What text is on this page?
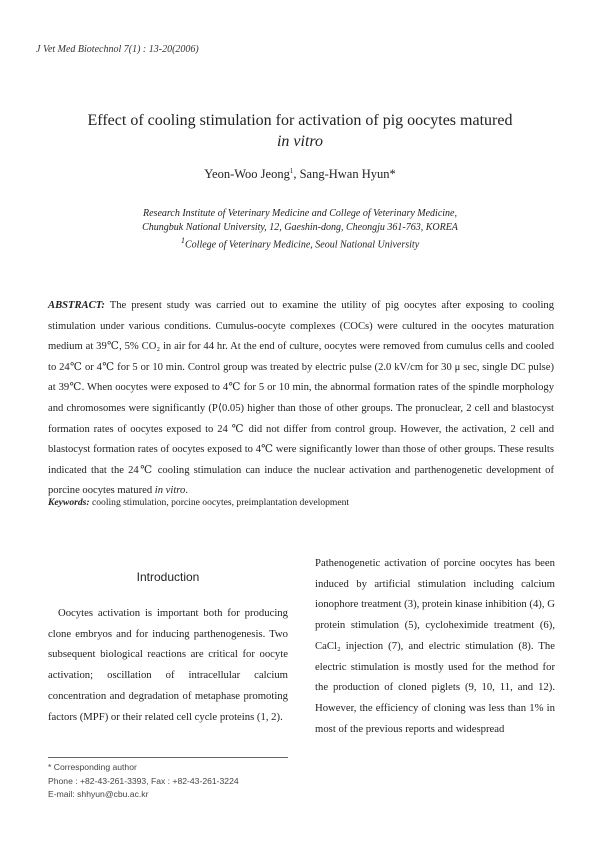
J Vet Med Biotechnol 7(1) : 13-20(2006)
Effect of cooling stimulation for activation of pig oocytes matured
in vitro
Yeon-Woo Jeong$^1$, Sang-Hwan Hyun*
Research Institute of Veterinary Medicine and College of Veterinary Medicine,
Chungbuk National University, 12, Gaeshin-dong, Cheongju 361-763, KOREA
$^1$College of Veterinary Medicine, Seoul National University
ABSTRACT: The present study was carried out to examine the utility of pig oocytes after exposing to cooling stimulation under various conditions. Cumulus-oocyte complexes (COCs) were cultured in the oocytes maturation medium at 39℃, 5% CO₂ in air for 44 hr. At the end of culture, oocytes were removed from cumulus cells and cooled to 24℃ or 4℃ for 5 or 10 min. Control group was treated by electric pulse (2.0 kV/cm for 30 μ sec, single DC pulse) at 39℃. When oocytes were exposed to 4℃ for 5 or 10 min, the abnormal formation rates of the spindle morphology and chromosomes were significantly (P⟨0.05) higher than those of other groups. The pronuclear, 2 cell and blastocyst formation rates of oocytes exposed to 24 ℃ did not differ from control group. However, the activation, 2 cell and blastocyst formation rates of oocytes exposed to 4℃ were significantly lower than those of other groups. These results indicated that the 24℃ cooling stimulation can induce the nuclear activation and parthenogenetic development of porcine oocytes matured in vitro.
Keywords: cooling stimulation, porcine oocytes, preimplantation development
Introduction

Oocytes activation is important both for producing clone embryos and for inducing parthenogenesis. Two subsequent biological reactions are critical for oocyte activation; oscillation of intracellular calcium concentration and degradation of metaphase promoting factors (MPF) or their related cell cycle proteins (1, 2).

Pathenogenetic activation of porcine oocytes has been induced by artificial stimulation including calcium ionophore treatment (3), protein kinase inhibition (4), G protein stimulation (5), cycloheximide treatment (6), CaCl₂ injection (7), and electric stimulation (8). The electric stimulation is mostly used for the method for the production of cloned piglets (9, 10, 11, and 12). However, the efficiency of cloning was less than 1% in most of the previous reports and widespread

* Corresponding author
Phone : +82-43-261-3393, Fax : +82-43-261-3224
E-mail: shhyun@cbu.ac.kr
